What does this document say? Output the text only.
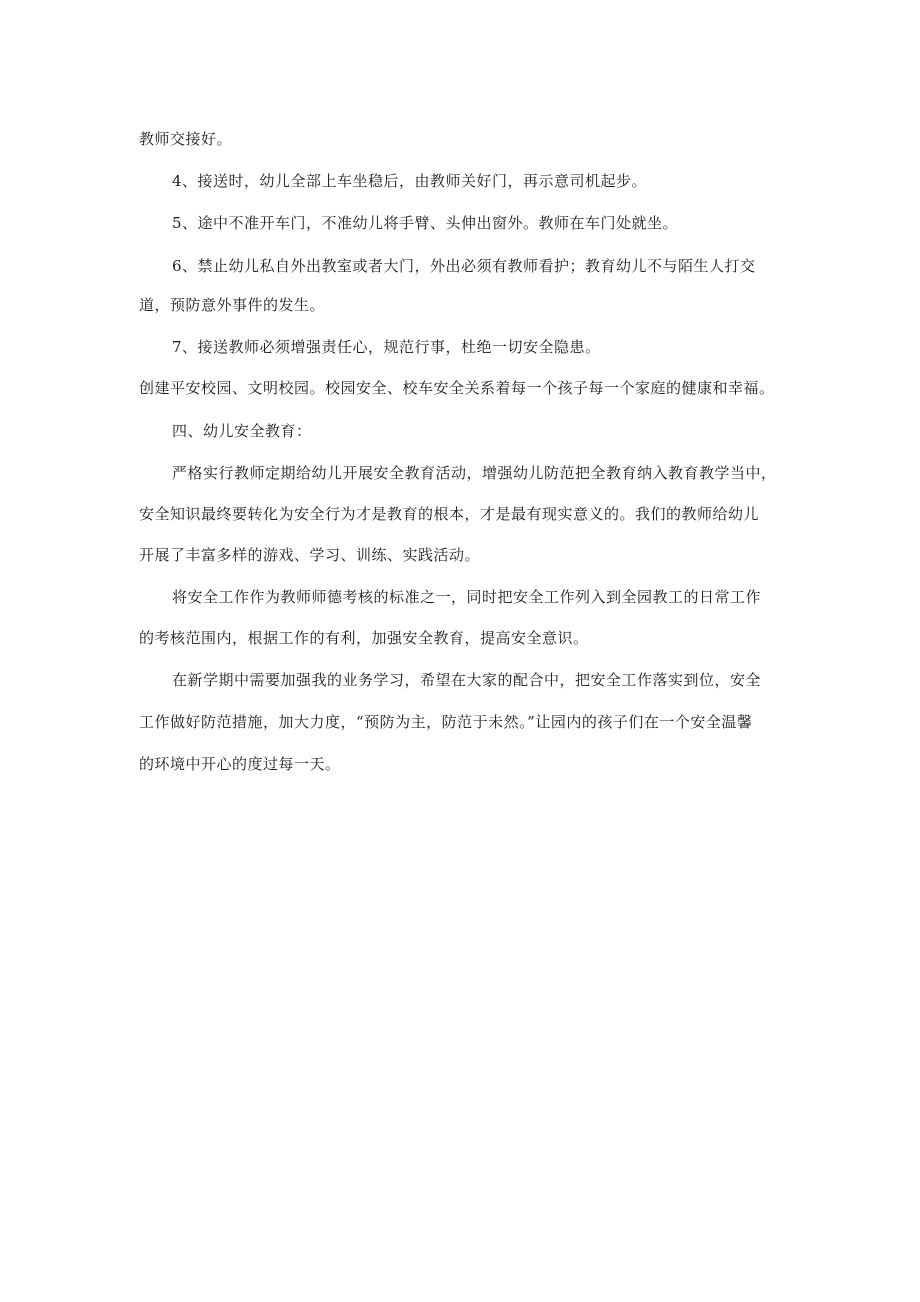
教师交接好。
4、接送时，幼儿全部上车坐稳后，由教师关好门，再示意司机起步。
5、途中不准开车门，不准幼儿将手臂、头伸出窗外。教师在车门处就坐。
6、禁止幼儿私自外出教室或者大门，外出必须有教师看护；教育幼儿不与陌生人打交
道，预防意外事件的发生。
7、接送教师必须增强责任心，规范行事，杜绝一切安全隐患。
创建平安校园、文明校园。校园安全、校车安全关系着每一个孩子每一个家庭的健康和幸福。
四、幼儿安全教育：
严格实行教师定期给幼儿开展安全教育活动，增强幼儿防范把全教育纳入教育教学当中，
安全知识最终要转化为安全行为才是教育的根本，才是最有现实意义的。我们的教师给幼儿
开展了丰富多样的游戏、学习、训练、实践活动。
将安全工作作为教师师德考核的标准之一，同时把安全工作列入到全园教工的日常工作
的考核范围内，根据工作的有利，加强安全教育，提高安全意识。
在新学期中需要加强我的业务学习，希望在大家的配合中，把安全工作落实到位，安全
工作做好防范措施，加大力度，“预防为主，防范于未然。”让园内的孩子们在一个安全温馨
的环境中开心的度过每一天。
